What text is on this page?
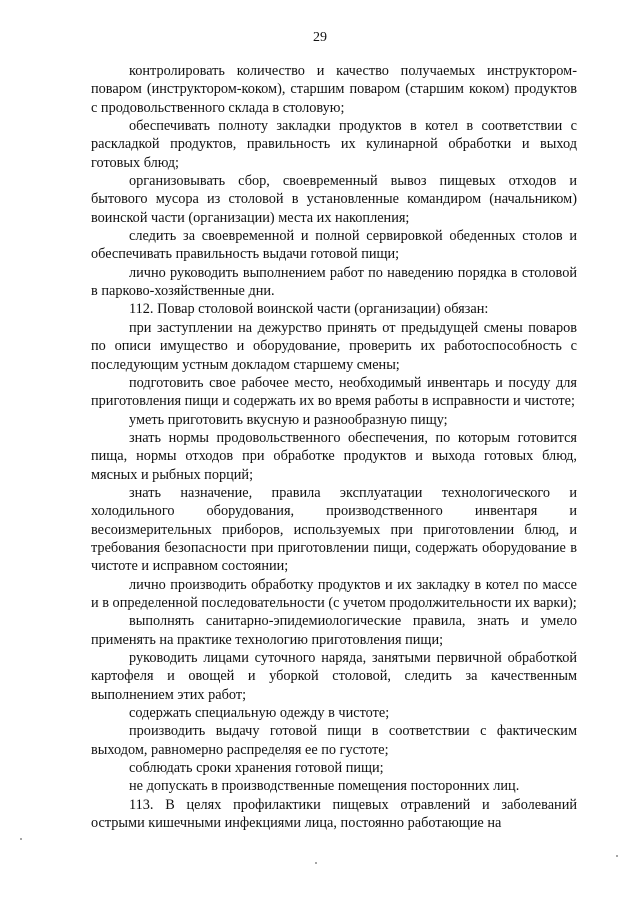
29

контролировать количество и качество получаемых инструктором-поваром (инструктором-коком), старшим поваром (старшим коком) продуктов с продовольственного склада в столовую;

обеспечивать полноту закладки продуктов в котел в соответствии с раскладкой продуктов, правильность их кулинарной обработки и выход готовых блюд;

организовывать сбор, своевременный вывоз пищевых отходов и бытового мусора из столовой в установленные командиром (начальником) воинской части (организации) места их накопления;

следить за своевременной и полной сервировкой обеденных столов и обеспечивать правильность выдачи готовой пищи;

лично руководить выполнением работ по наведению порядка в столовой в парково-хозяйственные дни.

112. Повар столовой воинской части (организации) обязан:

при заступлении на дежурство принять от предыдущей смены поваров по описи имущество и оборудование, проверить их работоспособность с последующим устным докладом старшему смены;

подготовить свое рабочее место, необходимый инвентарь и посуду для приготовления пищи и содержать их во время работы в исправности и чистоте;

уметь приготовить вкусную и разнообразную пищу;

знать нормы продовольственного обеспечения, по которым готовится пища, нормы отходов при обработке продуктов и выхода готовых блюд, мясных и рыбных порций;

знать назначение, правила эксплуатации технологического и холодильного оборудования, производственного инвентаря и весоизмерительных приборов, используемых при приготовлении блюд, и требования безопасности при приготовлении пищи, содержать оборудование в чистоте и исправном состоянии;

лично производить обработку продуктов и их закладку в котел по массе и в определенной последовательности (с учетом продолжительности их варки);

выполнять санитарно-эпидемиологические правила, знать и умело применять на практике технологию приготовления пищи;

руководить лицами суточного наряда, занятыми первичной обработкой картофеля и овощей и уборкой столовой, следить за качественным выполнением этих работ;

содержать специальную одежду в чистоте;

производить выдачу готовой пищи в соответствии с фактическим выходом, равномерно распределяя ее по густоте;

соблюдать сроки хранения готовой пищи;

не допускать в производственные помещения посторонних лиц.

113. В целях профилактики пищевых отравлений и заболеваний острыми кишечными инфекциями лица, постоянно работающие на
